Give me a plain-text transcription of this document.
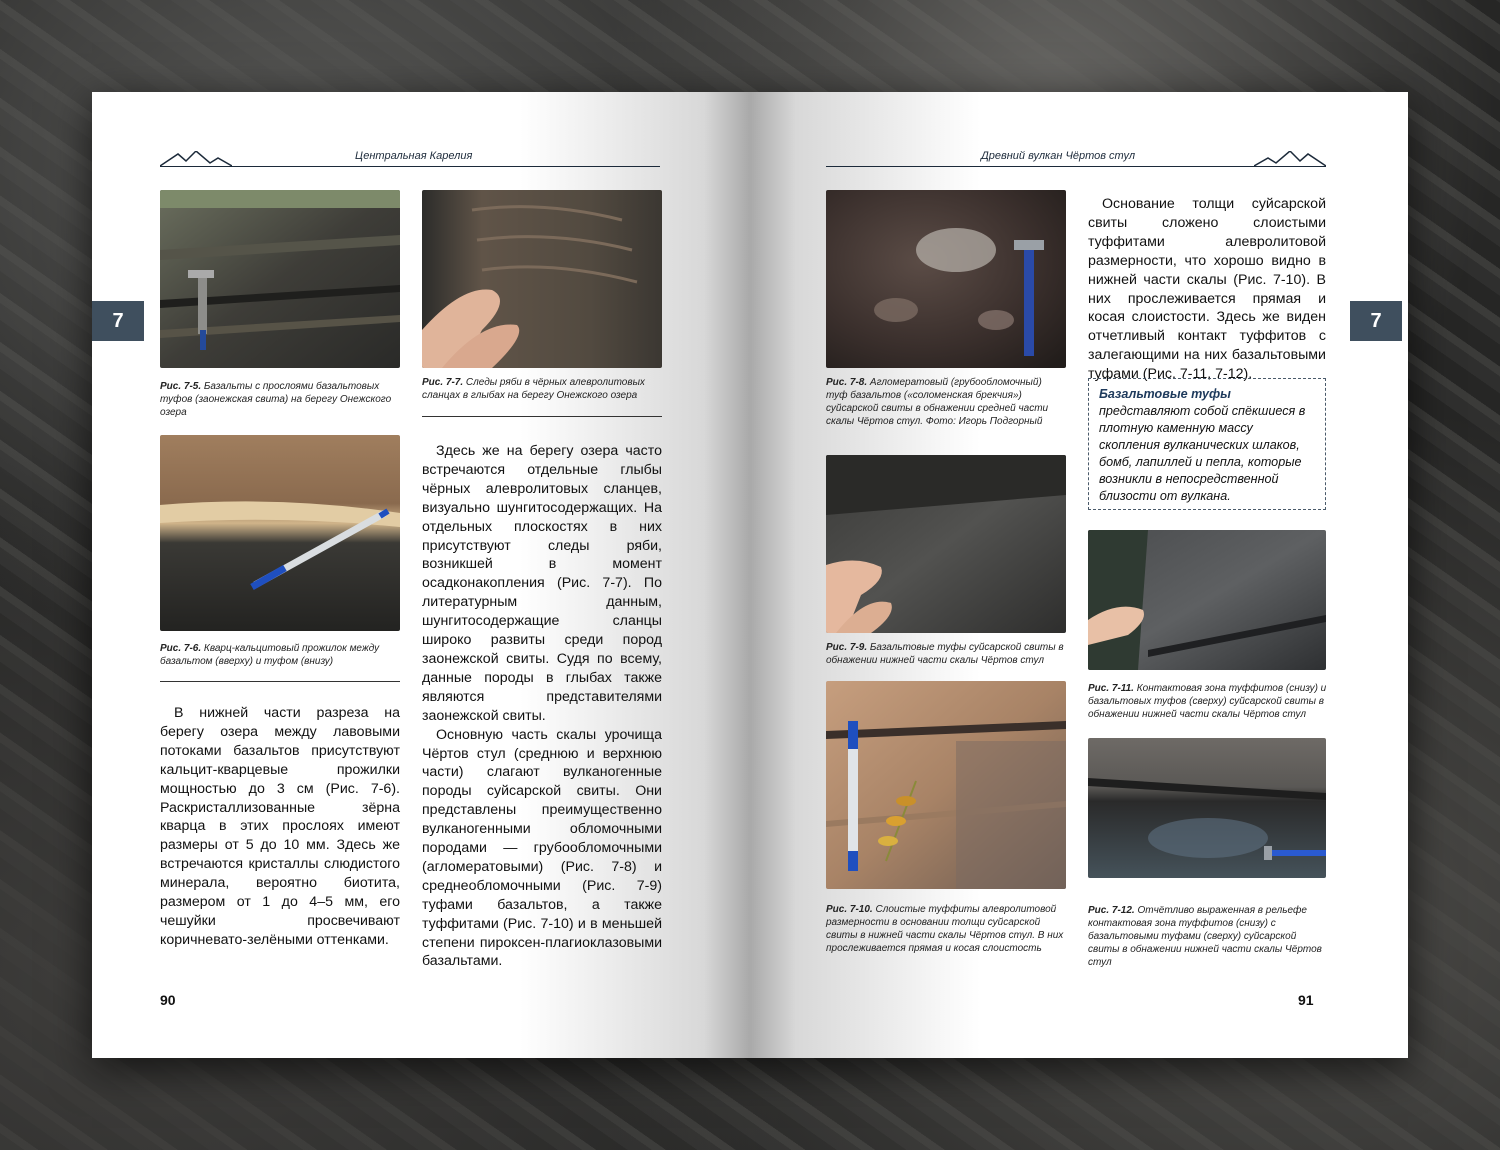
Центральная Карелия
7
Рис. 7-5. Базальты с прослоями базальтовых туфов (заонежская свита) на берегу Онежского озера
Рис. 7-6. Кварц-кальцитовый прожилок между базальтом (вверху) и туфом (внизу)
Рис. 7-7. Следы ряби в чёрных алевролитовых сланцах в глыбах на берегу Онежского озера

В нижней части разреза на берегу озера между лавовыми потоками базальтов присутствуют кальцит-кварцевые прожилки мощностью до 3 см (Рис. 7-6). Раскристаллизованные зёрна кварца в этих прослоях имеют размеры от 5 до 10 мм. Здесь же встречаются кристаллы слюдистого минерала, вероятно биотита, размером от 1 до 4–5 мм, его чешуйки просвечивают коричневато-зелёными оттенками.

Здесь же на берегу озера часто встречаются отдельные глыбы чёрных алевролитовых сланцев, визуально шунгитосодержащих. На отдельных плоскостях в них присутствуют следы ряби, возникшей в момент осадконакопления (Рис. 7-7). По литературным данным, шунгитосодержащие сланцы широко развиты среди пород заонежской свиты. Судя по всему, данные породы в глыбах также являются представителями заонежской свиты.

Основную часть скалы урочища Чёртов стул (среднюю и верхнюю части) слагают вулканогенные породы суйсарской свиты. Они представлены преимущественно вулканогенными обломочными породами — грубообломочными (агломератовыми) (Рис. 7-8) и среднеобломочными (Рис. 7-9) туфами базальтов, а также туффитами (Рис. 7-10) и в меньшей степени пироксен-плагиоклазовыми базальтами.

90
Древний вулкан Чёртов стул
7
Рис. 7-8. Агломератовый (грубообломочный) туф базальтов («соломенская брекчия») суйсарской свиты в обнажении средней части скалы Чёртов стул. Фото: Игорь Подгорный
Рис. 7-9. Базальтовые туфы суйсарской свиты в обнажении нижней части скалы Чёртов стул
Рис. 7-10. Слоистые туффиты алевролитовой размерности в основании толщи суйсарской свиты в нижней части скалы Чёртов стул. В них прослеживается прямая и косая слоистость

Основание толщи суйсарской свиты сложено слоистыми туффитами алевролитовой размерности, что хорошо видно в нижней части скалы (Рис. 7-10). В них прослеживается прямая и косая слоистости. Здесь же виден отчетливый контакт туффитов с залегающими на них базальтовыми туфами (Рис. 7-11, 7-12).

Базальтовые туфы представляют собой спёкшиеся в плотную каменную массу скопления вулканических шлаков, бомб, лапиллей и пепла, которые возникли в непосредственной близости от вулкана.
Рис. 7-11. Контактовая зона туффитов (снизу) и базальтовых туфов (сверху) суйсарской свиты в обнажении нижней части скалы Чёртов стул
Рис. 7-12. Отчётливо выраженная в рельефе контактовая зона туффитов (снизу) с базальтовыми туфами (сверху) суйсарской свиты в обнажении нижней части скалы Чёртов стул
91
